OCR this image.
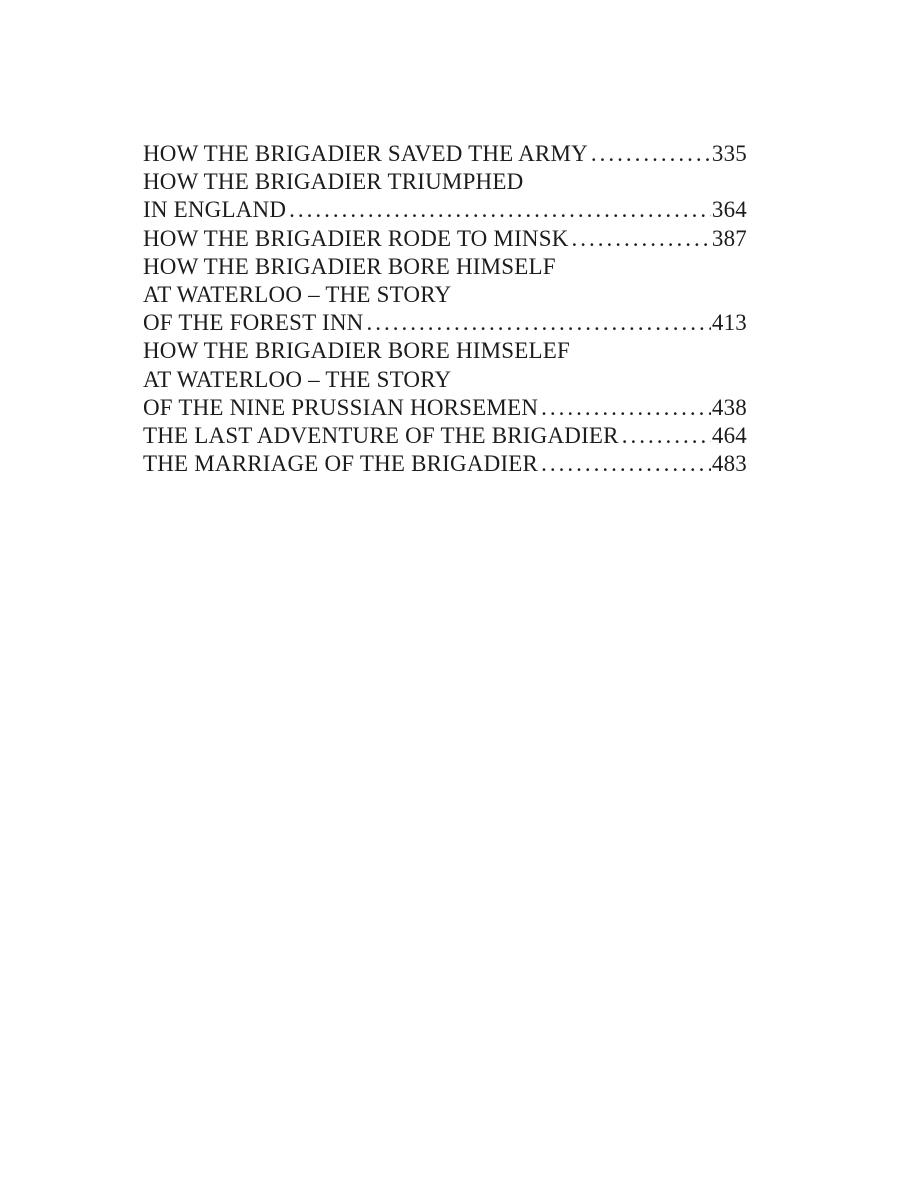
HOW THE BRIGADIER SAVED THE ARMY .....	335
HOW THE BRIGADIER TRIUMPHED
IN ENGLAND .....	364
HOW THE BRIGADIER RODE TO MINSK .....	387
HOW THE BRIGADIER BORE HIMSELF
AT WATERLOO – THE STORY
OF THE FOREST INN .....	413
HOW THE BRIGADIER BORE HIMSELEF
AT WATERLOO – THE STORY
OF THE NINE PRUSSIAN HORSEMEN .....	438
THE LAST ADVENTURE OF THE BRIGADIER .....	464
THE MARRIAGE OF THE BRIGADIER .....	483
